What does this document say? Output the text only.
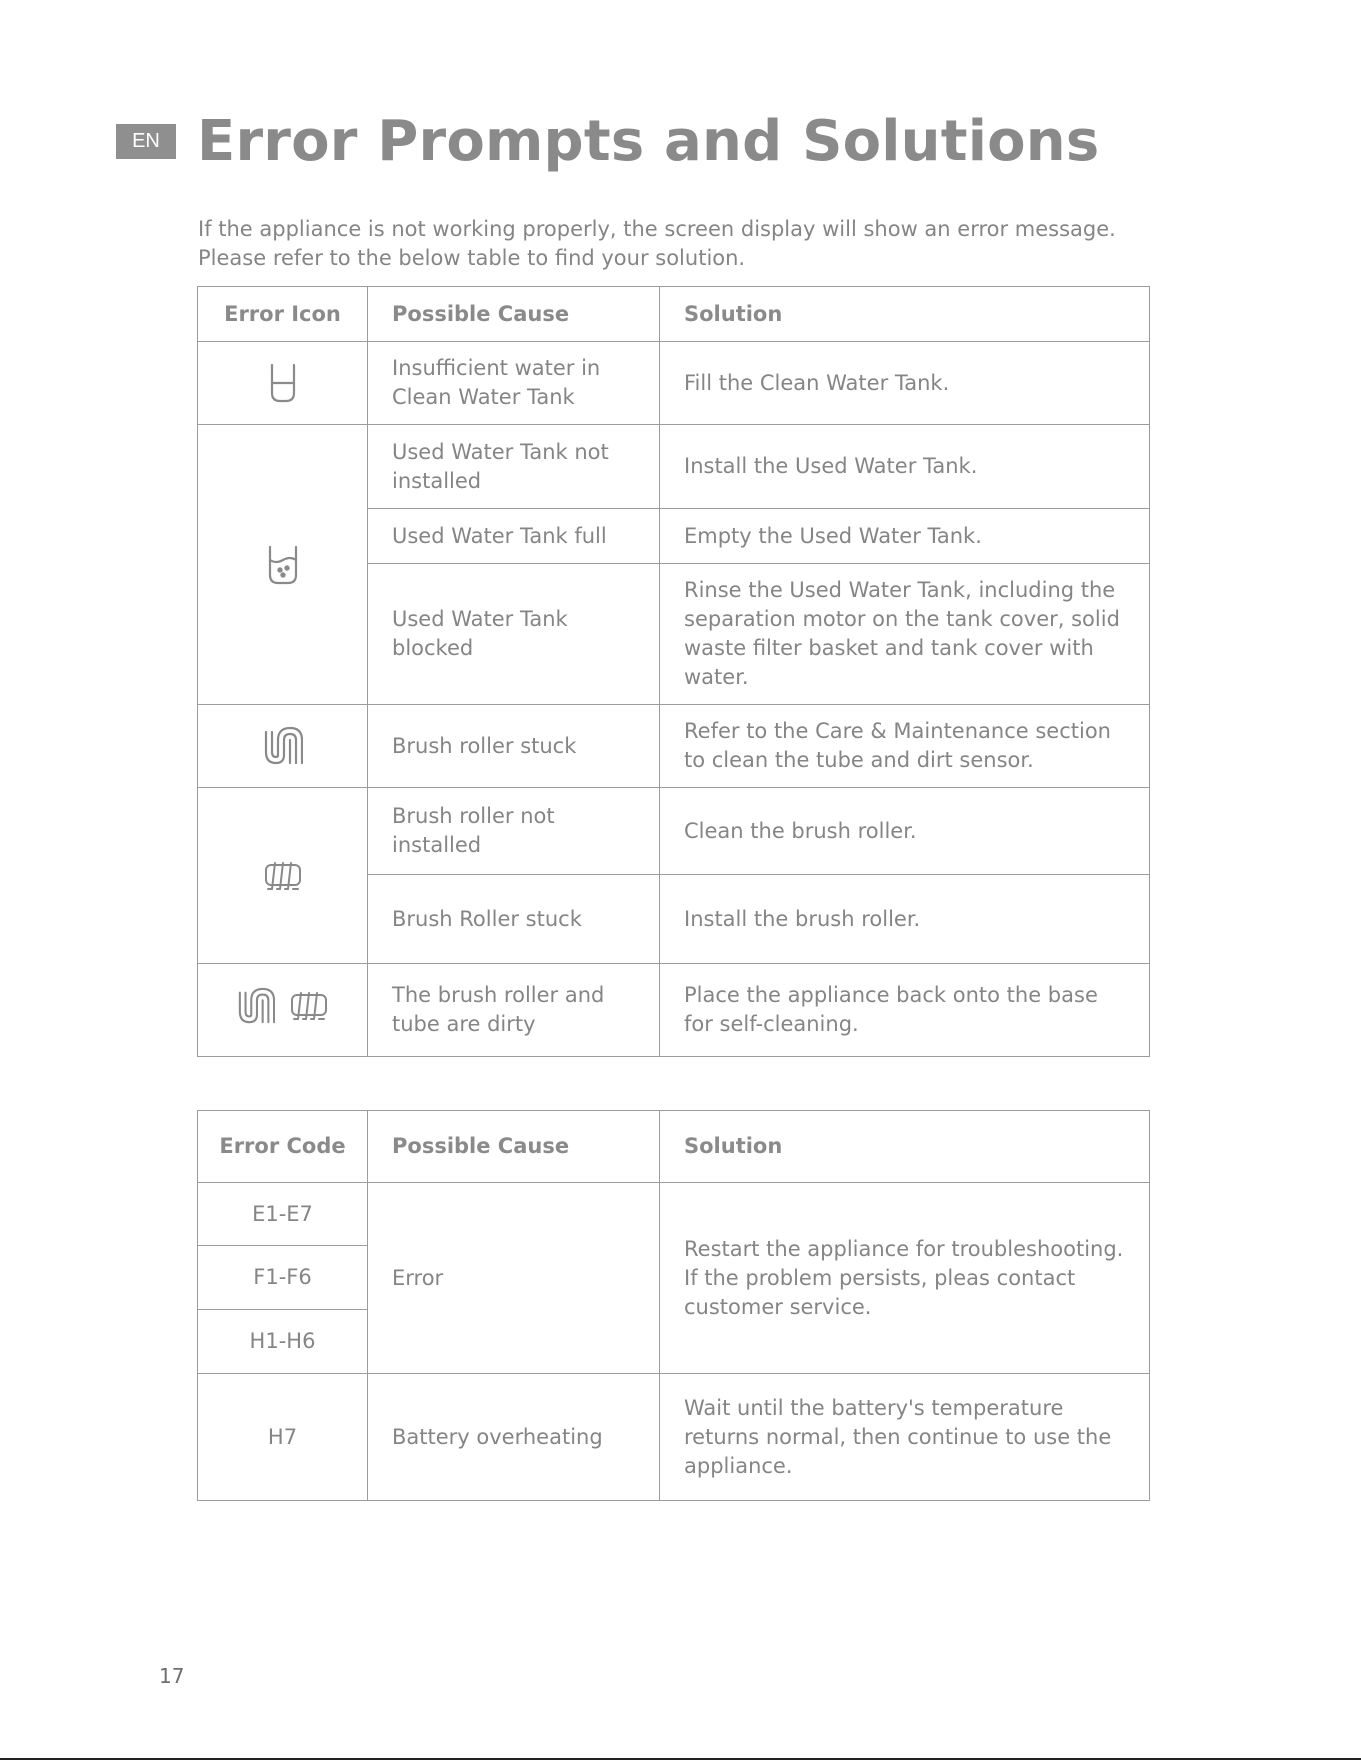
EN Error Prompts and Solutions

If the appliance is not working properly, the screen display will show an error message.

Please refer to the below table to find your solution.

Error Icon	Possible Cause	Solution
	Insufficient water in Clean Water Tank	Fill the Clean Water Tank.
	Used Water Tank not installed	Install the Used Water Tank.
	Used Water Tank full	Empty the Used Water Tank.
	Used Water Tank blocked	Rinse the Used Water Tank, including the separation motor on the tank cover, solid waste filter basket and tank cover with water.
	Brush roller stuck	Refer to the Care & Maintenance section to clean the tube and dirt sensor.
	Brush roller not installed	Clean the brush roller.
	Brush Roller stuck	Install the brush roller.

	The brush roller and tube are dirty	Place the appliance back onto the base for self-cleaning.
Error Code	Possible Cause	Solution
E1-E7	Error	Restart the appliance for troubleshooting. If the problem persists, pleas contact customer service.
F1-F6		
H1-H6		
H7	Battery overheating	Wait until the battery's temperature returns normal, then continue to use the appliance.
17
